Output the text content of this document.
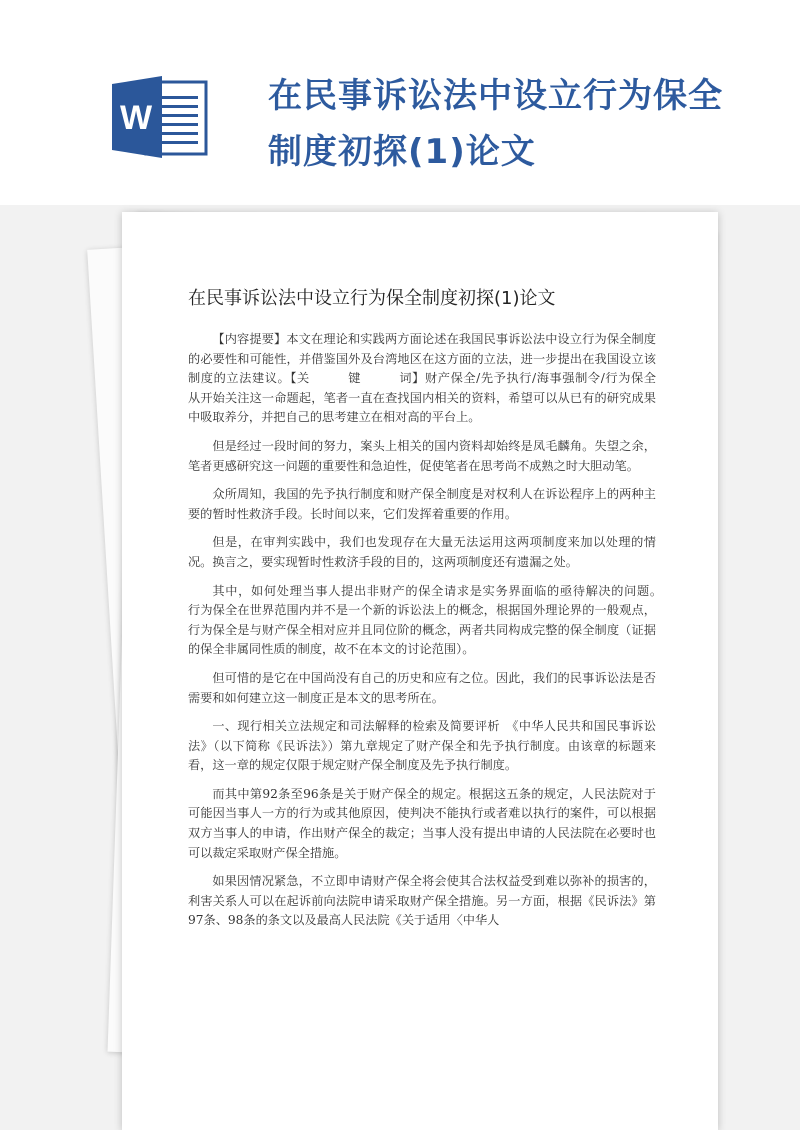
W
在民事诉讼法中设立行为保全制度初探(1)论文
在民事诉讼法中设立行为保全制度初探(1)论文

【内容提要】本文在理论和实践两方面论述在我国民事诉讼法中设立行为保全制度的必要性和可能性，并借鉴国外及台湾地区在这方面的立法，进一步提出在我国设立该制度的立法建议。【关　　　键　　　词】财产保全/先予执行/海事强制令/行为保全　　　从开始关注这一命题起，笔者一直在查找国内相关的资料，希望可以从已有的研究成果中吸取养分，并把自己的思考建立在相对高的平台上。

但是经过一段时间的努力，案头上相关的国内资料却始终是凤毛麟角。失望之余，笔者更感研究这一问题的重要性和急迫性，促使笔者在思考尚不成熟之时大胆动笔。

众所周知，我国的先予执行制度和财产保全制度是对权利人在诉讼程序上的两种主要的暂时性救济手段。长时间以来，它们发挥着重要的作用。

但是，在审判实践中，我们也发现存在大量无法运用这两项制度来加以处理的情况。换言之，要实现暂时性救济手段的目的，这两项制度还有遗漏之处。

其中，如何处理当事人提出非财产的保全请求是实务界面临的亟待解决的问题。　行为保全在世界范围内并不是一个新的诉讼法上的概念，根据国外理论界的一般观点，行为保全是与财产保全相对应并且同位阶的概念，两者共同构成完整的保全制度（证据的保全非属同性质的制度，故不在本文的讨论范围）。

但可惜的是它在中国尚没有自己的历史和应有之位。因此，我们的民事诉讼法是否需要和如何建立这一制度正是本文的思考所在。

一、现行相关立法规定和司法解释的检索及简要评析　《中华人民共和国民事诉讼法》（以下简称《民诉法》）第九章规定了财产保全和先予执行制度。由该章的标题来看，这一章的规定仅限于规定财产保全制度及先予执行制度。

而其中第92条至96条是关于财产保全的规定。根据这五条的规定，人民法院对于可能因当事人一方的行为或其他原因，使判决不能执行或者难以执行的案件，可以根据双方当事人的申请，作出财产保全的裁定；当事人没有提出申请的人民法院在必要时也可以裁定采取财产保全措施。

如果因情况紧急，不立即申请财产保全将会使其合法权益受到难以弥补的损害的，利害关系人可以在起诉前向法院申请采取财产保全措施。另一方面，根据《民诉法》第97条、98条的条文以及最高人民法院《关于适用〈中华人
